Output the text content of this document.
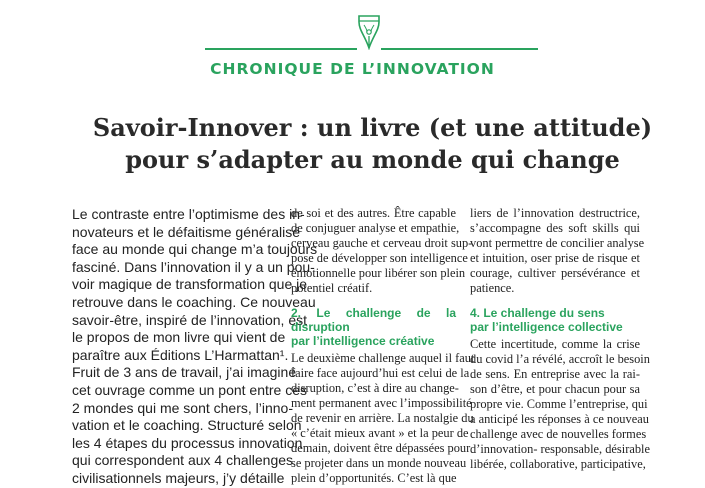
CHRONIQUE DE L’INNOVATION
Savoir-Innover : un livre (et une attitude)
pour s’adapter au monde qui change
Le contraste entre l’optimisme des in-
novateurs et le défaitisme généralisé
face au monde qui change m’a toujours
fasciné. Dans l’innovation il y a un pou-
voir magique de transformation que je
retrouve dans le coaching. Ce nouveau
savoir-être, inspiré de l’innovation, est
le propos de mon livre qui vient de
paraître aux Éditions L’Harmattan¹.
Fruit de 3 ans de travail, j’ai imaginé
cet ouvrage comme un pont entre ces
2 mondes qui me sont chers, l’inno-
vation et le coaching. Structuré selon
les 4 étapes du processus innovation
qui correspondent aux 4 challenges
civilisationnels majeurs, j’y détaille
de soi et des autres. Être capable
de conjuguer analyse et empathie,
cerveau gauche et cerveau droit sup-
pose de développer son intelligence
émotionnelle pour libérer son plein
potentiel créatif.
2. Le challenge de la disruption
par l’intelligence créative
Le deuxième challenge auquel il faut
faire face aujourd’hui est celui de la
disruption, c’est à dire au change-
ment permanent avec l’impossibilité
de revenir en arrière. La nostalgie du
« c’était mieux avant » et la peur de
demain, doivent être dépassées pour
se projeter dans un monde nouveau
plein d’opportunités. C’est là que
liers de l’innovation destructrice,
s’accompagne des soft skills qui
vont permettre de concilier analyse
et intuition, oser prise de risque et
courage, cultiver persévérance et
patience.
4. Le challenge du sens
par l’intelligence collective
Cette incertitude, comme la crise
du covid l’a révélé, accroît le besoin
de sens. En entreprise avec la rai-
son d’être, et pour chacun pour sa
propre vie. Comme l’entreprise, qui
a anticipé les réponses à ce nouveau
challenge avec de nouvelles formes
d’innovation- responsable, désirable
libérée, collaborative, participative,
